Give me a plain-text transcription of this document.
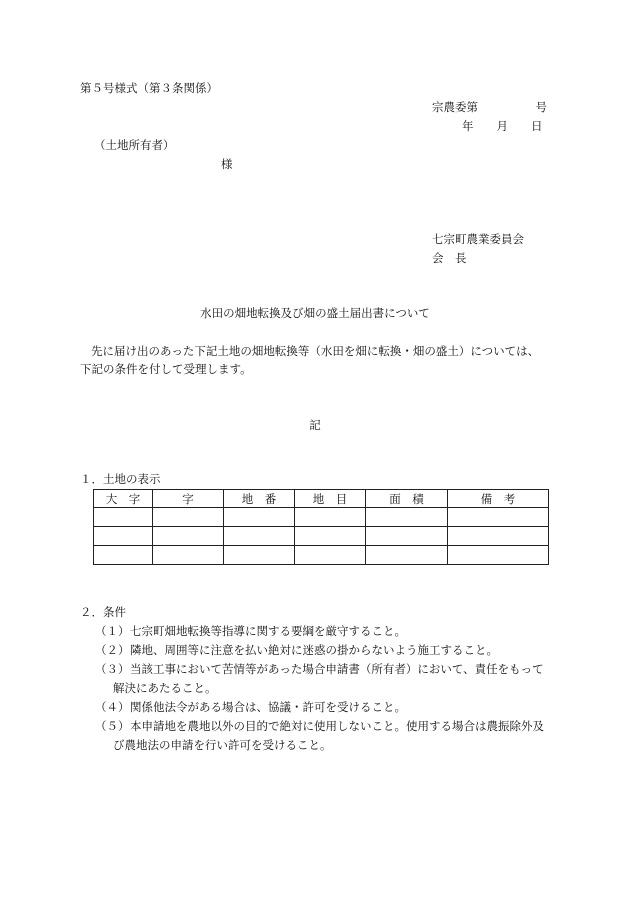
第５号様式（第３条関係）
宗農委第　　　　　号
年　　月　　日
（土地所有者）
様
七宗町農業委員会
会　長
水田の畑地転換及び畑の盛土届出書について
先に届け出のあった下記土地の畑地転換等（水田を畑に転換・畑の盛土）については、
下記の条件を付して受理します。
記
１．土地の表示
大　字	字	地　番	地　目	面　積	備　考

２．条件
（１）七宗町畑地転換等指導に関する要綱を厳守すること。
（２）隣地、周囲等に注意を払い絶対に迷惑の掛からないよう施工すること。
（３）当該工事において苦情等があった場合申請書（所有者）において、責任をもって
解決にあたること。
（４）関係他法令がある場合は、協議・許可を受けること。
（５）本申請地を農地以外の目的で絶対に使用しないこと。使用する場合は農振除外及
び農地法の申請を行い許可を受けること。
